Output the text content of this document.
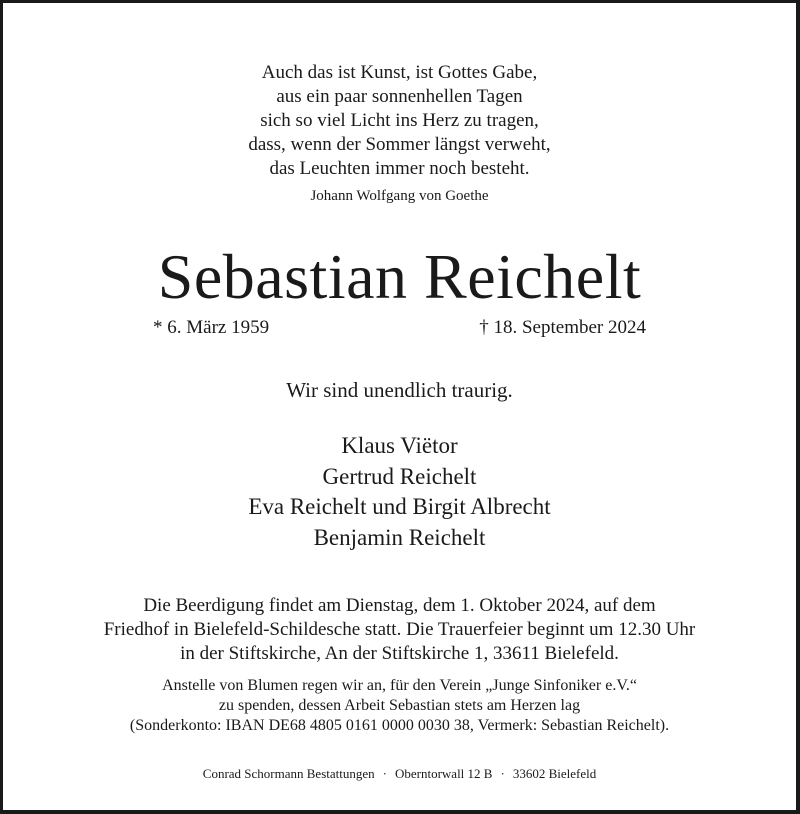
Auch das ist Kunst, ist Gottes Gabe,
aus ein paar sonnenhellen Tagen
sich so viel Licht ins Herz zu tragen,
dass, wenn der Sommer längst verweht,
das Leuchten immer noch besteht.
Johann Wolfgang von Goethe
Sebastian Reichelt
* 6. März 1959	† 18. September 2024
Wir sind unendlich traurig.
Klaus Viëtor
Gertrud Reichelt
Eva Reichelt und Birgit Albrecht
Benjamin Reichelt
Die Beerdigung findet am Dienstag, dem 1. Oktober 2024, auf dem
Friedhof in Bielefeld-Schildesche statt. Die Trauerfeier beginnt um 12.30 Uhr
in der Stiftskirche, An der Stiftskirche 1, 33611 Bielefeld.
Anstelle von Blumen regen wir an, für den Verein „Junge Sinfoniker e.V.“
zu spenden, dessen Arbeit Sebastian stets am Herzen lag
(Sonderkonto: IBAN DE68 4805 0161 0000 0030 38, Vermerk: Sebastian Reichelt).
Conrad Schormann Bestattungen · Oberntorwall 12 B · 33602 Bielefeld
